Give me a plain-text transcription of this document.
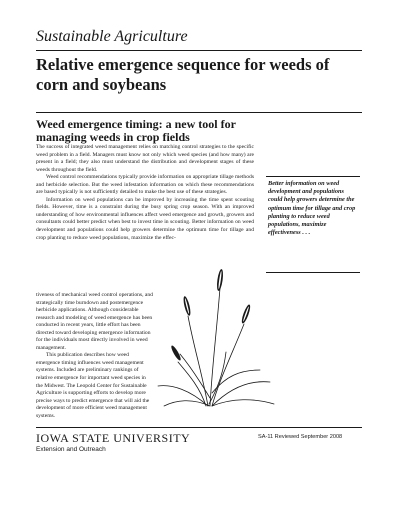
Sustainable Agriculture
Relative emergence sequence for weeds of corn and soybeans
Weed emergence timing: a new tool for managing weeds in crop fields

The success of integrated weed management relies on matching control strategies to the specific weed problem in a field. Managers must know not only which weed species (and how many) are present in a field; they also must understand the distribution and development stages of these weeds throughout the field.

Weed control recommendations typically provide information on appropriate tillage methods and herbicide selection. But the weed infestation information on which these recommendations are based typically is not sufficiently detailed to make the best use of these strategies.

Information on weed populations can be improved by increasing the time spent scouting fields. However, time is a constraint during the busy spring crop season. With an improved understanding of how environmental influences affect weed emergence and growth, growers and consultants could better predict when best to invest time in scouting. Better information on weed development and populations could help growers determine the optimum time for tillage and crop planting to reduce weed populations, maximize the effec-

tiveness of mechanical weed control operations, and strategically time burndown and postemergence herbicide applications. Although considerable research and modeling of weed emergence has been conducted in recent years, little effort has been directed toward developing emergence information for the individuals most directly involved in weed management.

This publication describes how weed emergence timing influences weed management systems. Included are preliminary rankings of relative emergence for important weed species in the Midwest. The Leopold Center for Sustainable Agriculture is supporting efforts to develop more precise ways to predict emergence that will aid the development of more efficient weed management systems.

Better information on weed development and populations could help growers determine the optimum time for tillage and crop planting to reduce weed populations, maximize effectiveness . . .
IOWA STATE UNIVERSITY
Extension and Outreach
SA-11 Reviewed September 2008
